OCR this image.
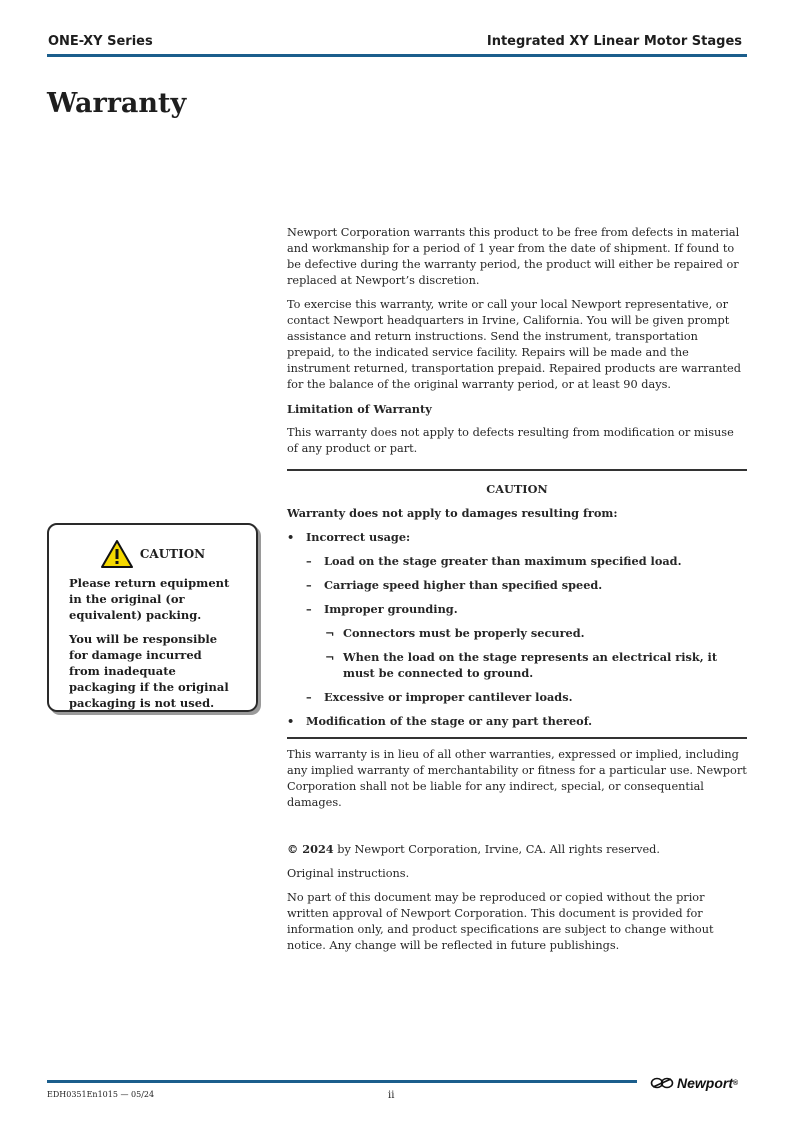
ONE-XY Series	Integrated XY Linear Motor Stages
Warranty

Newport Corporation warrants this product to be free from defects in material and workmanship for a period of 1 year from the date of shipment. If found to be defective during the warranty period, the product will either be repaired or replaced at Newport’s discretion.

To exercise this warranty, write or call your local Newport representative, or contact Newport headquarters in Irvine, California. You will be given prompt assistance and return instructions. Send the instrument, transportation prepaid, to the indicated service facility. Repairs will be made and the instrument returned, transportation prepaid. Repaired products are warranted for the balance of the original warranty period, or at least 90 days.

Limitation of Warranty

This warranty does not apply to defects resulting from modification or misuse of any product or part.

CAUTION

Warranty does not apply to damages resulting from:

• Incorrect usage:
– Load on the stage greater than maximum specified load.
– Carriage speed higher than specified speed.
– Improper grounding.
¬ Connectors must be properly secured.
¬ When the load on the stage represents an electrical risk, it must be connected to ground.
– Excessive or improper cantilever loads.
• Modification of the stage or any part thereof.

This warranty is in lieu of all other warranties, expressed or implied, including any implied warranty of merchantability or fitness for a particular use. Newport Corporation shall not be liable for any indirect, special, or consequential damages.

© 2024 by Newport Corporation, Irvine, CA. All rights reserved.

Original instructions.

No part of this document may be reproduced or copied without the prior written approval of Newport Corporation. This document is provided for information only, and product specifications are subject to change without notice. Any change will be reflected in future publishings.

CAUTION

Please return equipment in the original (or equivalent) packing.

You will be responsible for damage incurred from inadequate packaging if the original packaging is not used.

EDH0351En1015 — 05/24	ii
Newport ®
